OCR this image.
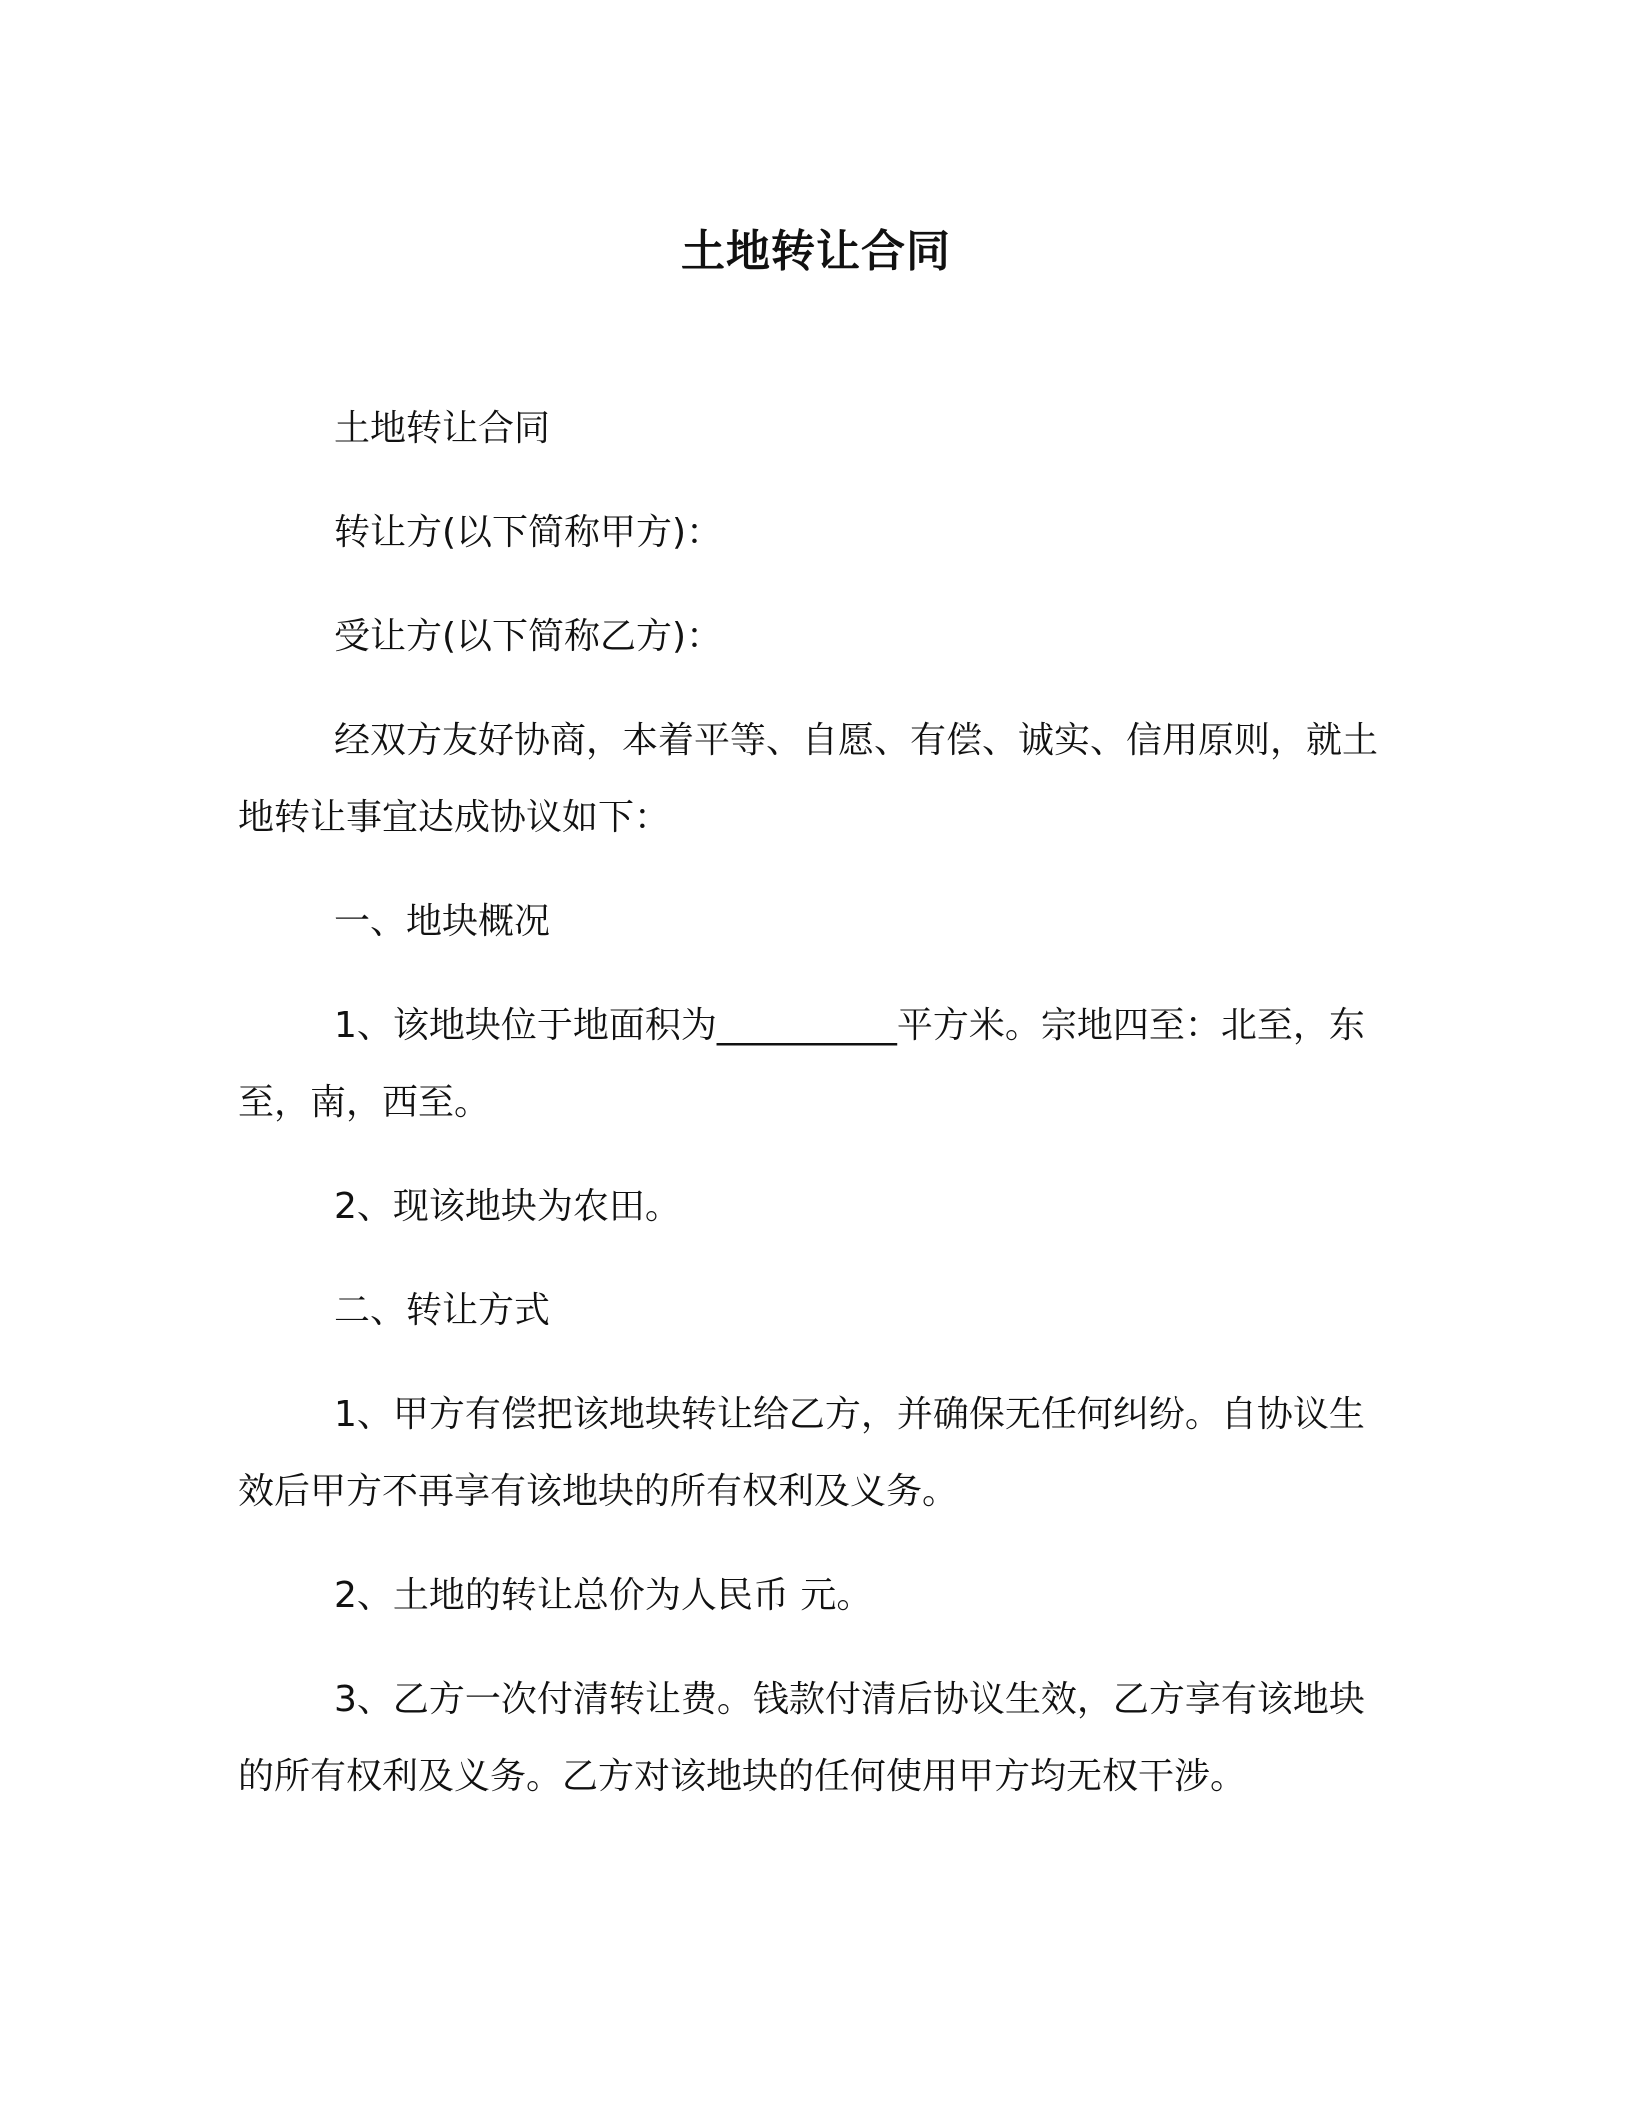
土地转让合同

土地转让合同

转让方(以下简称甲方)：

受让方(以下简称乙方)：

经双方友好协商，本着平等、自愿、有偿、诚实、信用原则，就土地转让事宜达成协议如下：

一、地块概况

1、该地块位于地面积为__________平方米。宗地四至：北至，东至，南，西至。

2、现该地块为农田。

二、转让方式

1、甲方有偿把该地块转让给乙方，并确保无任何纠纷。自协议生效后甲方不再享有该地块的所有权利及义务。

2、土地的转让总价为人民币 元。

3、乙方一次付清转让费。钱款付清后协议生效，乙方享有该地块的所有权利及义务。乙方对该地块的任何使用甲方均无权干涉。
